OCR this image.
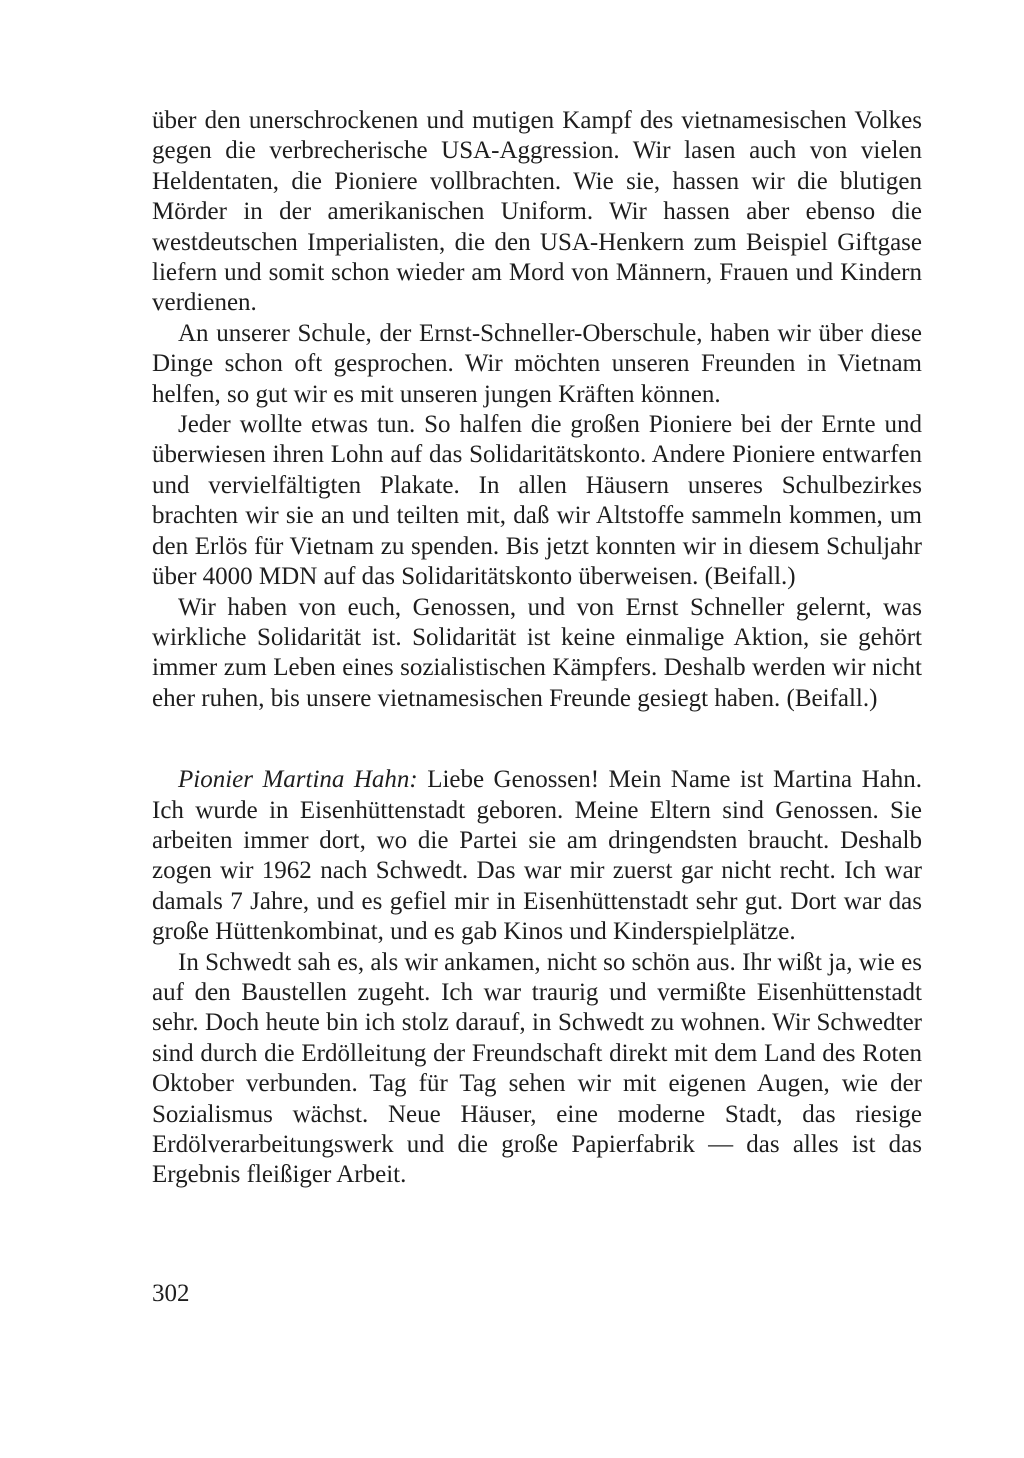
über den unerschrockenen und mutigen Kampf des vietnamesischen Volkes gegen die verbrecherische USA-Aggression. Wir lasen auch von vielen Heldentaten, die Pioniere vollbrachten. Wie sie, hassen wir die blutigen Mörder in der amerikanischen Uniform. Wir hassen aber ebenso die westdeutschen Imperialisten, die den USA-Henkern zum Beispiel Giftgase liefern und somit schon wieder am Mord von Männern, Frauen und Kindern verdienen.

An unserer Schule, der Ernst-Schneller-Oberschule, haben wir über diese Dinge schon oft gesprochen. Wir möchten unseren Freunden in Vietnam helfen, so gut wir es mit unseren jungen Kräften können.

Jeder wollte etwas tun. So halfen die großen Pioniere bei der Ernte und überwiesen ihren Lohn auf das Solidaritätskonto. Andere Pioniere entwarfen und vervielfältigten Plakate. In allen Häusern unseres Schulbezirkes brachten wir sie an und teilten mit, daß wir Altstoffe sammeln kommen, um den Erlös für Vietnam zu spenden. Bis jetzt konnten wir in diesem Schuljahr über 4000 MDN auf das Solidaritätskonto überweisen. (Beifall.)

Wir haben von euch, Genossen, und von Ernst Schneller gelernt, was wirkliche Solidarität ist. Solidarität ist keine einmalige Aktion, sie gehört immer zum Leben eines sozialistischen Kämpfers. Deshalb werden wir nicht eher ruhen, bis unsere vietnamesischen Freunde gesiegt haben. (Beifall.)

Pionier Martina Hahn: Liebe Genossen! Mein Name ist Martina Hahn. Ich wurde in Eisenhüttenstadt geboren. Meine Eltern sind Genossen. Sie arbeiten immer dort, wo die Partei sie am dringendsten braucht. Deshalb zogen wir 1962 nach Schwedt. Das war mir zuerst gar nicht recht. Ich war damals 7 Jahre, und es gefiel mir in Eisenhüttenstadt sehr gut. Dort war das große Hüttenkombinat, und es gab Kinos und Kinderspielplätze.

In Schwedt sah es, als wir ankamen, nicht so schön aus. Ihr wißt ja, wie es auf den Baustellen zugeht. Ich war traurig und vermißte Eisenhüttenstadt sehr. Doch heute bin ich stolz darauf, in Schwedt zu wohnen. Wir Schwedter sind durch die Erdölleitung der Freundschaft direkt mit dem Land des Roten Oktober verbunden. Tag für Tag sehen wir mit eigenen Augen, wie der Sozialismus wächst. Neue Häuser, eine moderne Stadt, das riesige Erdölverarbeitungswerk und die große Papierfabrik — das alles ist das Ergebnis fleißiger Arbeit.

302
